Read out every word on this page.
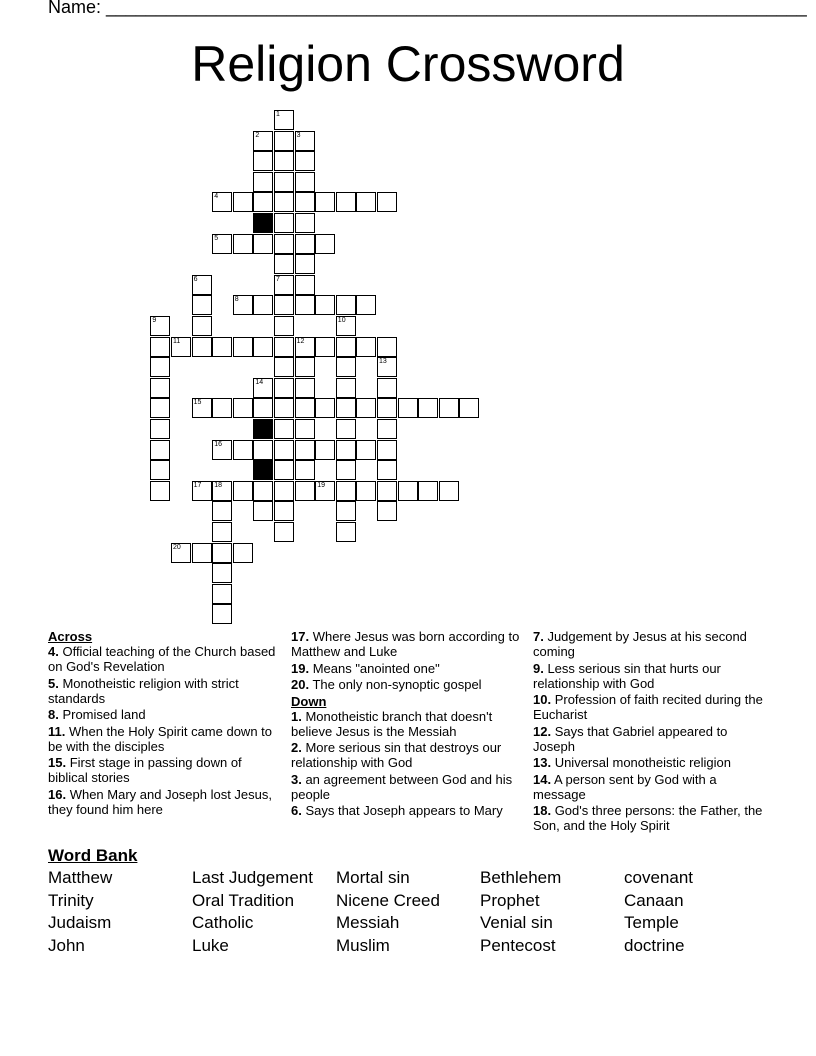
Name: ______________________________________________________________________
Religion Crossword
1
2	3
4
5
6	7
8
9	10
11	12
13
14
15
16
17 18	19
20
Across
4. Official teaching of the Church based on God's Revelation
5. Monotheistic religion with strict standards
8. Promised land
11. When the Holy Spirit came down to be with the disciples
15. First stage in passing down of biblical stories
16. When Mary and Joseph lost Jesus, they found him here
17. Where Jesus was born according to Matthew and Luke
19. Means "anointed one"
20. The only non-synoptic gospel
Down
1. Monotheistic branch that doesn't believe Jesus is the Messiah
2. More serious sin that destroys our relationship with God
3. an agreement between God and his people
6. Says that Joseph appears to Mary
7. Judgement by Jesus at his second coming
9. Less serious sin that hurts our relationship with God
10. Profession of faith recited during the Eucharist
12. Says that Gabriel appeared to Joseph
13. Universal monotheistic religion
14. A person sent by God with a message
18. God's three persons: the Father, the Son, and the Holy Spirit
Word Bank
Matthew
Trinity
Judaism
John
Last Judgement
Oral Tradition
Catholic
Luke
Mortal sin
Nicene Creed
Messiah
Muslim
Bethlehem
Prophet
Venial sin
Pentecost
covenant
Canaan
Temple
doctrine
